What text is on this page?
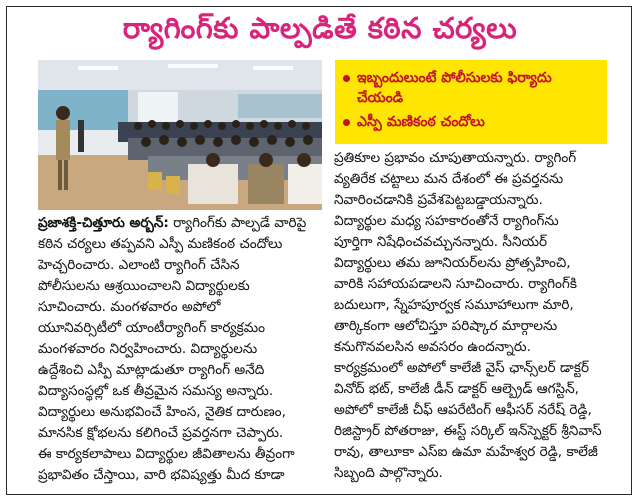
ర్యాగింగ్‌కు పాల్పడితే కఠిన చర్యలు
ఇబ్బందులుంటే పోలీసులకు ఫిర్యాదు చేయండి
ఎస్పీ మణికంఠ చందోలు
ప్రజాశక్తి-చిత్తూరు అర్బన్‌: ర్యాగింగ్‌కు పాల్పడే వారిపై
కఠిన చర్యలు తప్పవని ఎస్పీ మణికంఠ చందోలు
హెచ్చరించారు. ఎలాంటి ర్యాగింగ్‌ చేసిన
పోలీసులను ఆశ్రయించాలని విద్యార్థులకు
సూచించారు. మంగళవారం అపోలో
యూనివర్సిటీలో యాంటీర్యాగింగ్‌ కార్యక్రమం
మంగళవారం నిర్వహించారు. విద్యార్థులను
ఉద్దేశించి ఎస్పీ మాట్లాడుతూ ర్యాగింగ్‌ అనేది
విద్యాసంస్థల్లో ఒక తీవ్రమైన సమస్య అన్నారు.
విద్యార్థులు అనుభవించే హింస, నైతిక దారుణం,
మానసిక క్షోభలను కలిగించే ప్రవర్తనగా చెప్పారు.
ఈ కార్యకలాపాలు విద్యార్థుల జీవితాలను తీవ్రంగా
ప్రభావితం చేస్తాయి, వారి భవిష్యత్తు మీద కూడా
ప్రతికూల ప్రభావం చూపుతాయన్నారు. ర్యాగింగ్‌
వ్యతిరేక చట్టాలు మన దేశంలో ఈ ప్రవర్తనను
నివారించడానికి ప్రవేశపెట్టబడ్డాయన్నారు.
విద్యార్థుల మధ్య సహకారంతోనే ర్యాగింగ్‌ను
పూర్తిగా నిషేధించవచ్చునన్నారు. సీనియర్‌
విద్యార్థులు తమ జూనియర్‌లను ప్రోత్సహించి,
వారికి సహాయపడాలని సూచించారు. ర్యాగింగ్‌కి
బదులుగా, స్నేహపూర్వక సమూహాలుగా మారి,
తార్కికంగా ఆలోచిస్తూ పరిష్కార మార్గాలను
కనుగొనవలసిన అవసరం ఉందన్నారు.
కార్యక్రమంలో అపోలో కాలేజీ వైస్‌ ఛాన్స్‌లర్‌ డాక్టర్‌
వినోద్‌ భట్‌, కాలేజీ డీన్‌ డాక్టర్‌ ఆల్బ్రెడ్‌ ఆగస్టిన్‌,
అపోలో కాలేజీ చీఫ్‌ ఆపరేటింగ్‌ ఆఫీసర్‌ నరేష్‌ రెడ్డి,
రిజిస్ట్రార్‌ పోతరాజు, ఈస్ట్‌ సర్కిల్‌ ఇన్‌స్పెక్టర్‌ శ్రీనివాస్‌
రావు, తాలూకా ఎస్‌ఐ ఉమా మహేశ్వర రెడ్డి, కాలేజీ
సిబ్బంది పాల్గొన్నారు.
